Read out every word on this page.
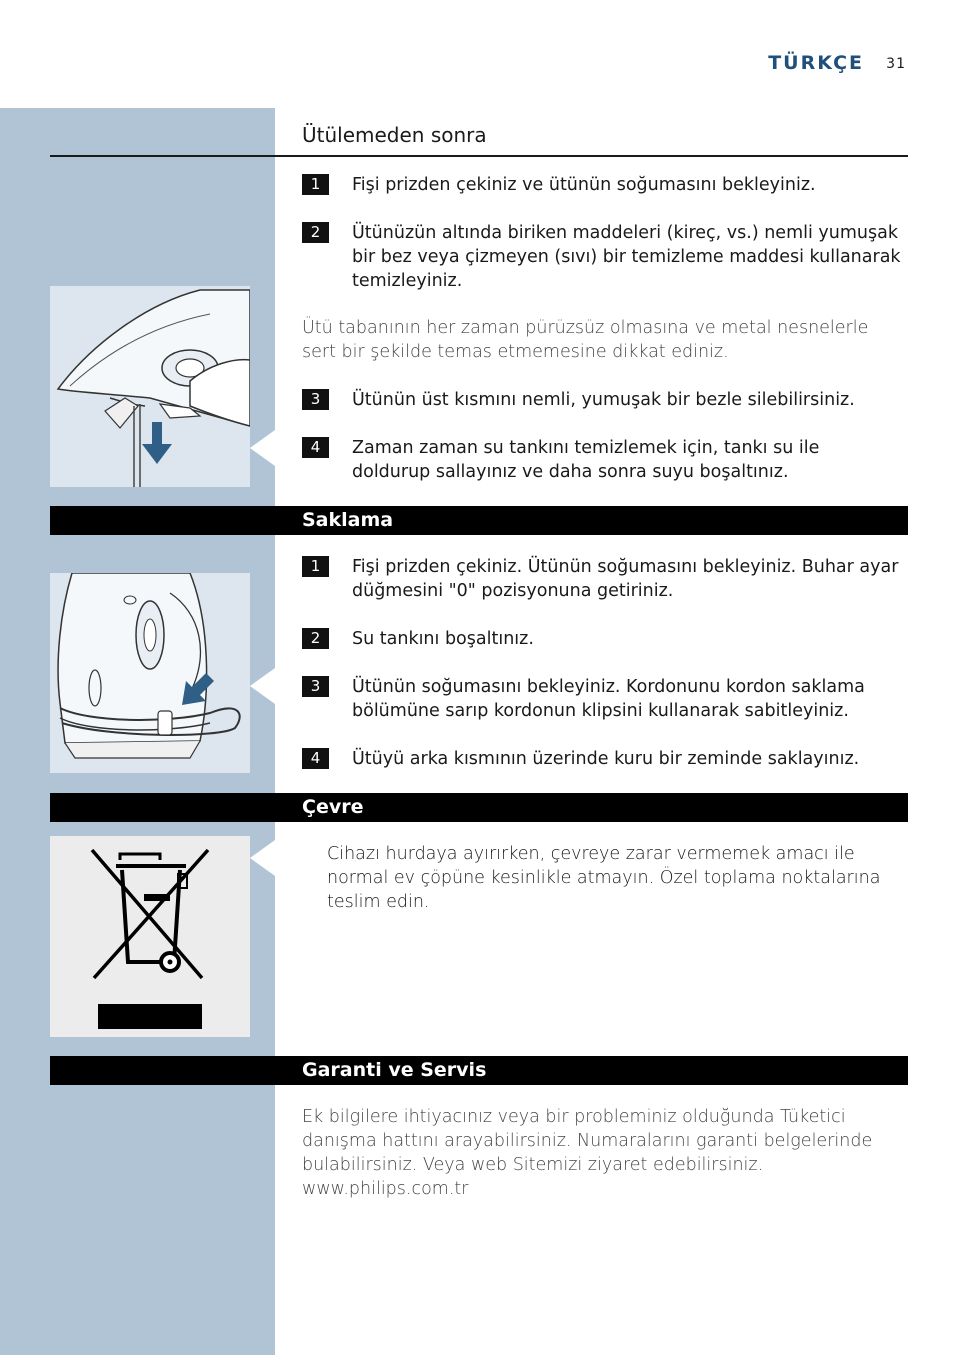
TÜRKÇE 31
Ütülemeden sonra
1	Fişi prizden çekiniz ve ütünün soğumasını bekleyiniz.
2	Ütünüzün altında biriken maddeleri (kireç, vs.) nemli yumuşak bir bez veya çizmeyen (sıvı) bir temizleme maddesi kullanarak temizleyiniz.
Ütü tabanının her zaman pürüzsüz olmasına ve metal nesnelerle sert bir şekilde temas etmemesine dikkat ediniz.
3	Ütünün üst kısmını nemli, yumuşak bir bezle silebilirsiniz.
4	Zaman zaman su tankını temizlemek için, tankı su ile doldurup sallayınız ve daha sonra suyu boşaltınız.
Saklama
1	Fişi prizden çekiniz. Ütünün soğumasını bekleyiniz. Buhar ayar düğmesini "0" pozisyonuna getiriniz.
2	Su tankını boşaltınız.
3	Ütünün soğumasını bekleyiniz. Kordonunu kordon saklama bölümüne sarıp kordonun klipsini kullanarak sabitleyiniz.
4	Ütüyü arka kısmının üzerinde kuru bir zeminde saklayınız.
Çevre
Cihazı hurdaya ayırırken, çevreye zarar vermemek amacı ile normal ev çöpüne kesinlikle atmayın. Özel toplama noktalarına teslim edin.
Garanti ve Servis
Ek bilgilere ihtiyacınız veya bir probleminiz olduğunda Tüketici danışma hattını arayabilirsiniz. Numaralarını garanti belgelerinde bulabilirsiniz. Veya web Sitemizi ziyaret edebilirsiniz. www.philips.com.tr
